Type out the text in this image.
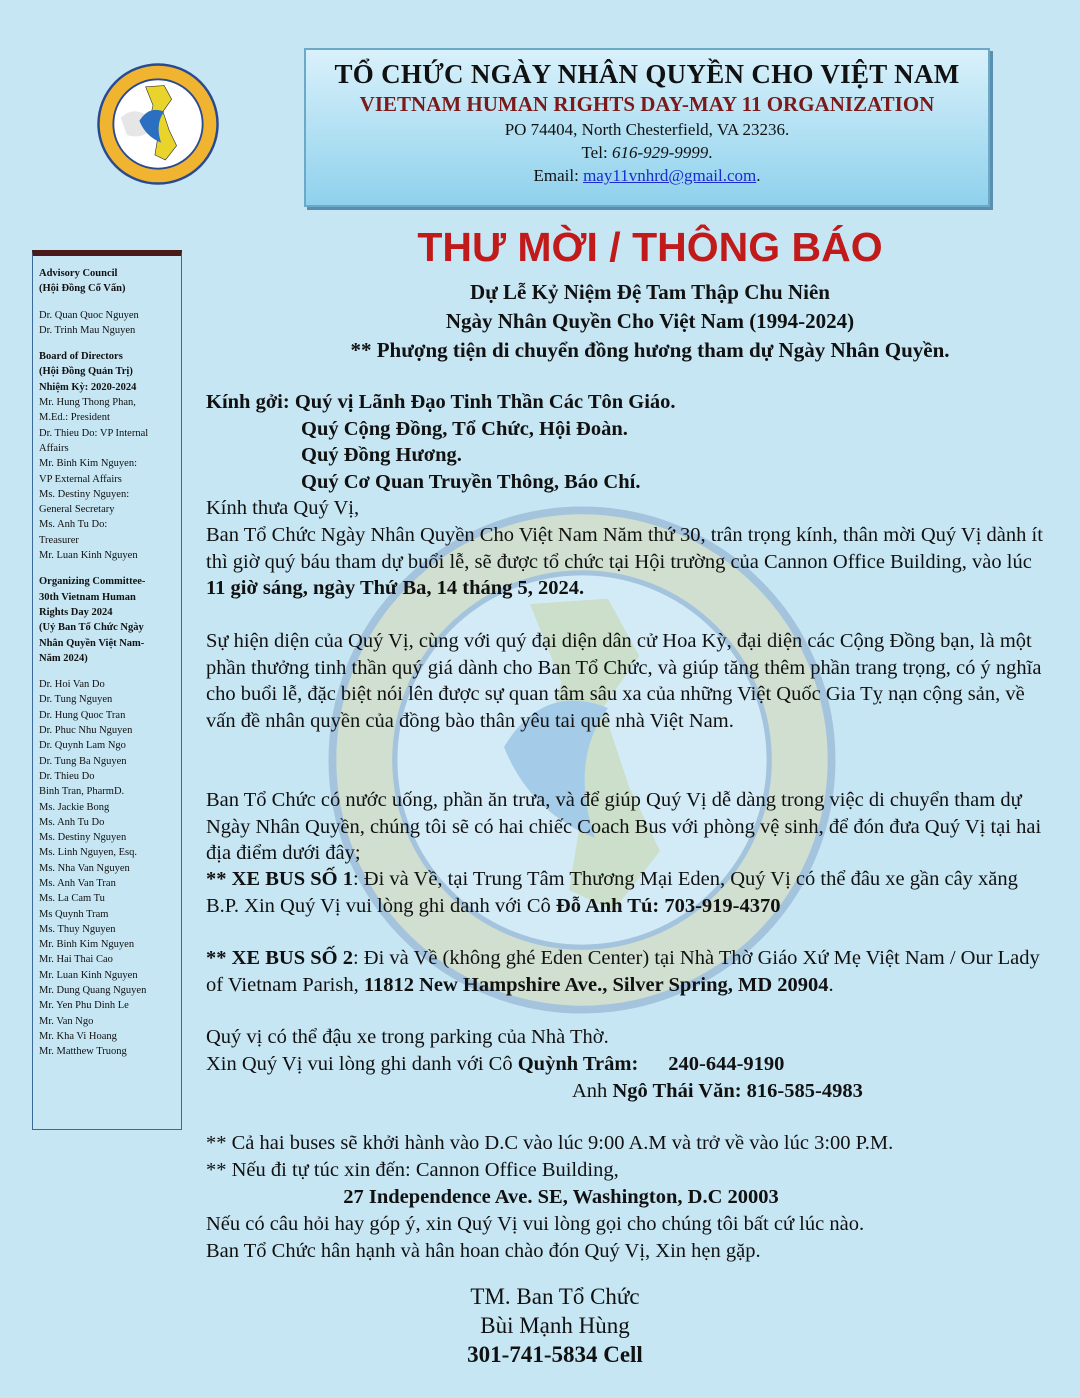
TỔ CHỨC NGÀY NHÂN QUYỀN CHO VIỆT NAM
VIETNAM HUMAN RIGHTS DAY-MAY 11 ORGANIZATION
PO 74404, North Chesterfield, VA 23236.
Tel: 616-929-9999.
Email: may11vnhrd@gmail.com.
Advisory Council
(Hội Đồng Cố Vấn)
Dr. Quan Quoc Nguyen
Dr. Trinh Mau Nguyen
Board of Directors
(Hội Đồng Quản Trị)
Nhiệm Kỳ: 2020-2024
Mr. Hung Thong Phan,
M.Ed.: President
Dr. Thieu Do: VP Internal
Affairs
Mr. Binh Kim Nguyen:
VP External Affairs
Ms. Destiny Nguyen:
General Secretary
Ms. Anh Tu Do:
Treasurer
Mr. Luan Kinh Nguyen
Organizing Committee-
30th Vietnam Human
Rights Day 2024
(Uỷ Ban Tổ Chức Ngày
Nhân Quyền Việt Nam-
Năm 2024)
Dr. Hoi Van Do
Dr. Tung Nguyen
Dr. Hung Quoc Tran
Dr. Phuc Nhu Nguyen
Dr. Quynh Lam Ngo
Dr. Tung Ba Nguyen
Dr. Thieu Do
Binh Tran, PharmD.
Ms. Jackie Bong
Ms. Anh Tu Do
Ms. Destiny Nguyen
Ms. Linh Nguyen, Esq.
Ms. Nha Van Nguyen
Ms. Anh Van Tran
Ms. La Cam Tu
Ms Quynh Tram
Ms. Thuy Nguyen
Mr. Binh Kim Nguyen
Mr. Hai Thai Cao
Mr. Luan Kinh Nguyen
Mr. Dung Quang Nguyen
Mr. Yen Phu Dinh Le
Mr. Van Ngo
Mr. Kha Vi Hoang
Mr. Matthew Truong
THƯ MỜI / THÔNG BÁO
Dự Lễ Kỷ Niệm Đệ Tam Thập Chu Niên
Ngày Nhân Quyền Cho Việt Nam (1994-2024)
** Phượng tiện di chuyển đồng hương tham dự Ngày Nhân Quyền.
Kính gởi: Quý vị Lãnh Đạo Tinh Thần Các Tôn Giáo.
Quý Cộng Đồng, Tổ Chức, Hội Đoàn.
Quý Đồng Hương.
Quý Cơ Quan Truyền Thông, Báo Chí.
Kính thưa Quý Vị,
Ban Tổ Chức Ngày Nhân Quyền Cho Việt Nam Năm thứ 30, trân trọng kính, thân mời Quý Vị dành ít thì giờ quý báu tham dự buổi lễ, sẽ được tổ chức tại Hội trường của Cannon Office Building, vào lúc 11 giờ sáng, ngày Thứ Ba, 14 tháng 5, 2024.
Sự hiện diện của Quý Vị, cùng với quý đại diện dân cử Hoa Kỳ, đại diện các Cộng Đồng bạn, là một phần thưởng tinh thần quý giá dành cho Ban Tổ Chức, và giúp tăng thêm phần trang trọng, có ý nghĩa cho buổi lễ, đặc biệt nói lên được sự quan tâm sâu xa của những Việt Quốc Gia Tỵ nạn cộng sản, về vấn đề nhân quyền của đồng bào thân yêu tai quê nhà Việt Nam.
Ban Tổ Chức có nước uống, phần ăn trưa, và để giúp Quý Vị dễ dàng trong việc di chuyển tham dự Ngày Nhân Quyền, chúng tôi sẽ có hai chiếc Coach Bus với phòng vệ sinh, để đón đưa Quý Vị tại hai địa điểm dưới đây;
** XE BUS SỐ 1: Đi và Về, tại Trung Tâm Thương Mại Eden, Quý Vị có thể đâu xe gần cây xăng B.P. Xin Quý Vị vui lòng ghi danh với Cô Đỗ Anh Tú: 703-919-4370
** XE BUS SỐ 2: Đi và Về (không ghé Eden Center) tại Nhà Thờ Giáo Xứ Mẹ Việt Nam / Our Lady of Vietnam Parish, 11812 New Hampshire Ave., Silver Spring, MD 20904.
Quý vị có thể đậu xe trong parking của Nhà Thờ.
Xin Quý Vị vui lòng ghi danh với Cô Quỳnh Trâm: 240-644-9190
Anh Ngô Thái Văn: 816-585-4983
** Cả hai buses sẽ khởi hành vào D.C vào lúc 9:00 A.M và trở về vào lúc 3:00 P.M.
** Nếu đi tự túc xin đến: Cannon Office Building,
27 Independence Ave. SE, Washington, D.C 20003
Nếu có câu hỏi hay góp ý, xin Quý Vị vui lòng gọi cho chúng tôi bất cứ lúc nào.
Ban Tổ Chức hân hạnh và hân hoan chào đón Quý Vị, Xin hẹn gặp.
TM. Ban Tổ Chức
Bùi Mạnh Hùng
301-741-5834 Cell
